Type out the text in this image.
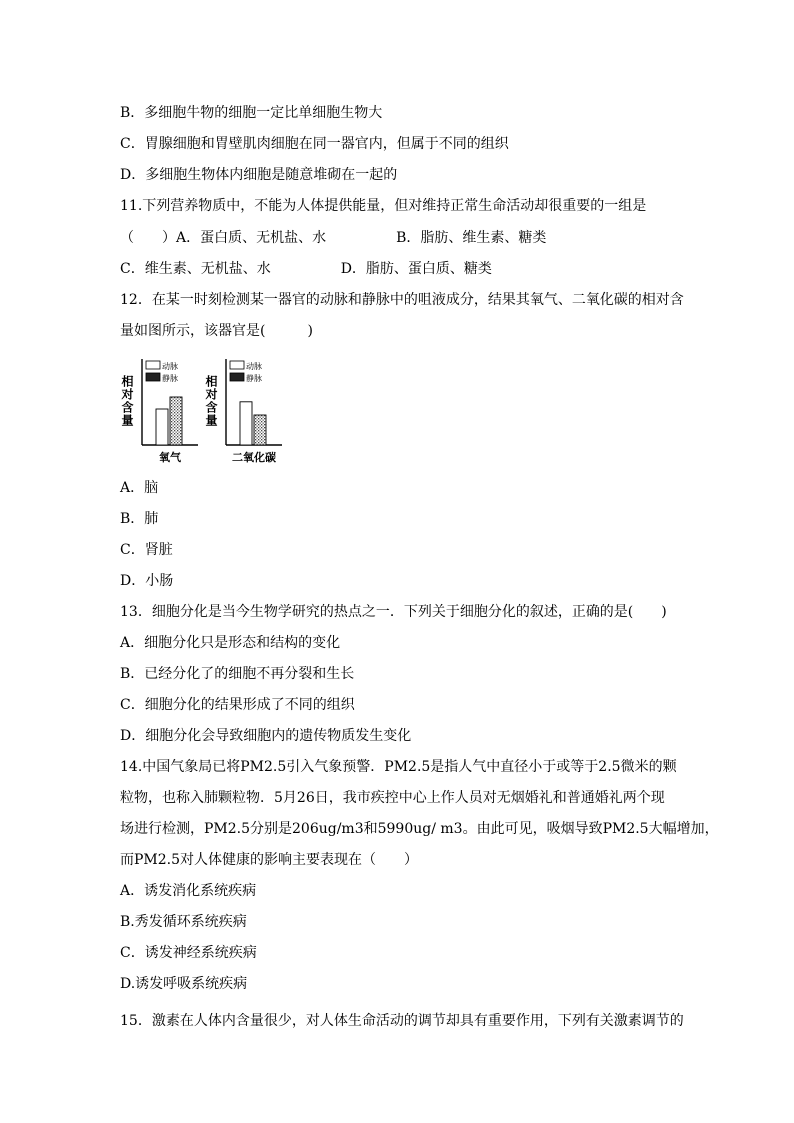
B．多细胞牛物的细胞一定比单细胞生物大
C．胃腺细胞和胃壁肌肉细胞在同一器官内，但属于不同的组织
D．多细胞生物体内细胞是随意堆砌在一起的
11.下列营养物质中，不能为人体提供能量，但对维持正常生命活动却很重要的一组是
（　　）A．蛋白质、无机盐、水　　　　　B．脂肪、维生素、糖类
C．维生素、无机盐、水　　　　　D．脂肪、蛋白质、糖类
12．在某一时刻检测某一器官的动脉和静脉中的咀液成分，结果其氧气、二氧化碳的相对含
量如图所示，该器官是(　　　)
相对含量
动脉
静脉
氧气
相对含量
动脉
静脉
二氧化碳
A．脑
B．肺
C．肾脏
D．小肠
13．细胞分化是当今生物学研究的热点之一．下列关于细胞分化的叙述，正确的是(　　)
A．细胞分化只是形态和结构的变化
B．已经分化了的细胞不再分裂和生长
C．细胞分化的结果形成了不同的组织
D．细胞分化会导致细胞内的遗传物质发生变化
14.中国气象局已将PM2.5引入气象预警．PM2.5是指人气中直径小于或等于2.5微米的颗
粒物，也称入肺颗粒物．5月26日，我市疾控中心上作人员对无烟婚礼和普通婚礼两个现
场进行检测，PM2.5分别是206ug/m3和5990ug/ m3。由此可见，吸烟导致PM2.5大幅增加，
而PM2.5对人体健康的影响主要表现在（　　）
A．诱发消化系统疾病
B.秀发循环系统疾病
C．诱发神经系统疾病
D.诱发呼吸系统疾病
15．激素在人体内含量很少，对人体生命活动的调节却具有重要作用，下列有关激素调节的
